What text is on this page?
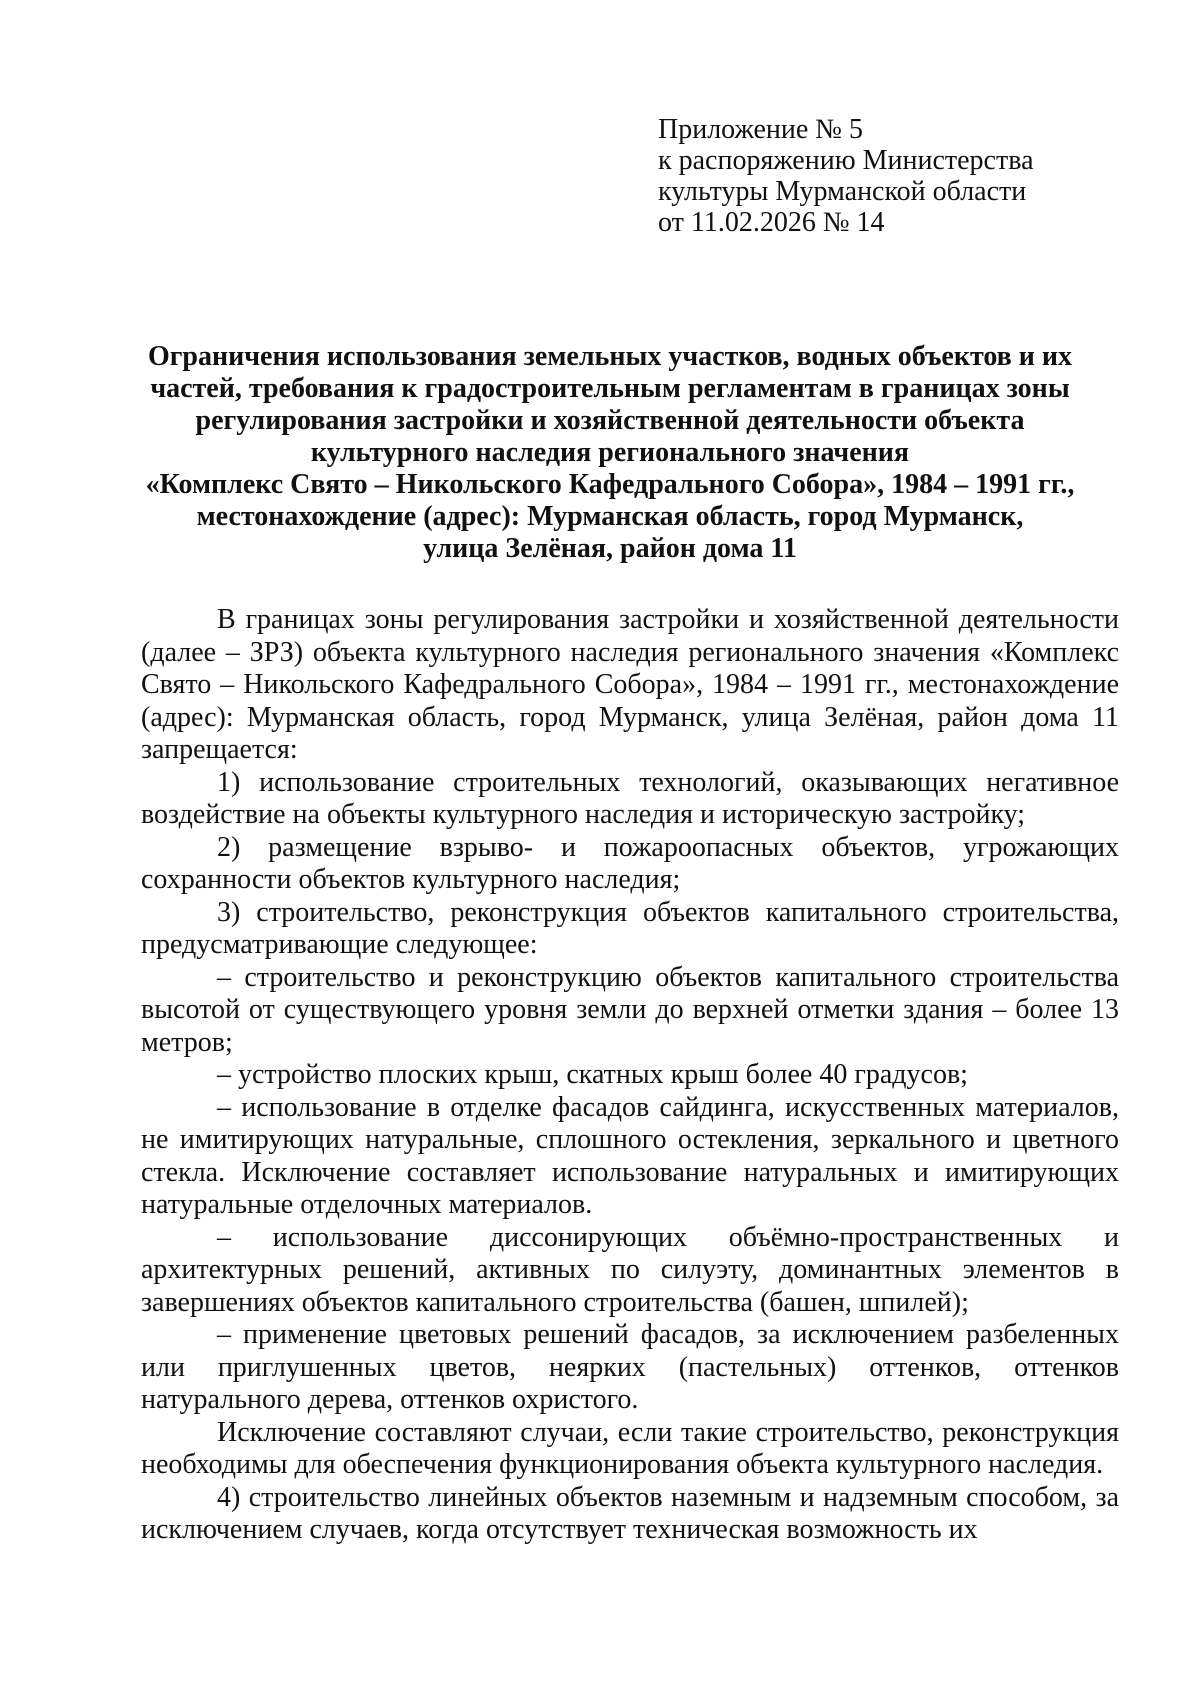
Приложение № 5
к распоряжению Министерства
культуры Мурманской области
от 11.02.2026 № 14
Ограничения использования земельных участков, водных объектов и их
частей, требования к градостроительным регламентам в границах зоны
регулирования застройки и хозяйственной деятельности объекта
культурного наследия регионального значения
«Комплекс Свято – Никольского Кафедрального Собора», 1984 – 1991 гг.,
местонахождение (адрес): Мурманская область, город Мурманск,
улица Зелёная, район дома 11

В границах зоны регулирования застройки и хозяйственной деятельности (далее – ЗРЗ) объекта культурного наследия регионального значения «Комплекс Свято – Никольского Кафедрального Собора», 1984 – 1991 гг., местонахождение (адрес): Мурманская область, город Мурманск, улица Зелёная, район дома 11 запрещается:

1) использование строительных технологий, оказывающих негативное воздействие на объекты культурного наследия и историческую застройку;

2) размещение взрыво- и пожароопасных объектов, угрожающих сохранности объектов культурного наследия;

3) строительство, реконструкция объектов капитального строительства, предусматривающие следующее:

– строительство и реконструкцию объектов капитального строительства высотой от существующего уровня земли до верхней отметки здания – более 13 метров;

– устройство плоских крыш, скатных крыш более 40 градусов;

– использование в отделке фасадов сайдинга, искусственных материалов, не имитирующих натуральные, сплошного остекления, зеркального и цветного стекла. Исключение составляет использование натуральных и имитирующих натуральные отделочных материалов.

– использование диссонирующих объёмно-пространственных и архитектурных решений, активных по силуэту, доминантных элементов в завершениях объектов капитального строительства (башен, шпилей);

– применение цветовых решений фасадов, за исключением разбеленных или приглушенных цветов, неярких (пастельных) оттенков, оттенков натурального дерева, оттенков охристого.

Исключение составляют случаи, если такие строительство, реконструкция необходимы для обеспечения функционирования объекта культурного наследия.

4) строительство линейных объектов наземным и надземным способом, за исключением случаев, когда отсутствует техническая возможность их
